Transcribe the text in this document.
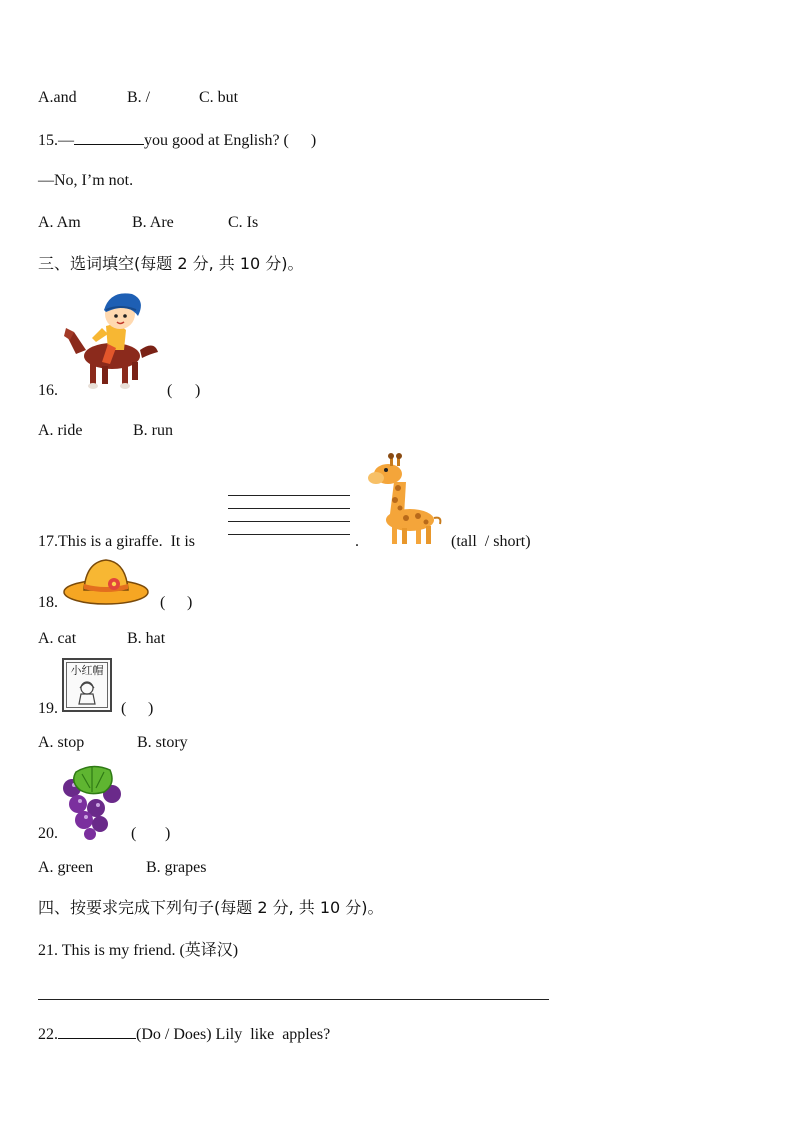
A.and	B. /	C. but
15.—	you good at English? ( )
—No, I’m not.
A. Am	B. Are	C. Is
三、选词填空(每题 2 分, 共 10 分)。
16.	( )
A. ride	B. run
17.This is a giraffe.  It is	.	(tall  / short)
18.	( )
A. cat	B. hat
小红帽
19.	( )
A. stop	B. story
20.	( )
A. green	B. grapes
四、按要求完成下列句子(每题 2 分, 共 10 分)。
21. This is my friend. (英译汉)
22.	(Do / Does) Lily  like  apples?
